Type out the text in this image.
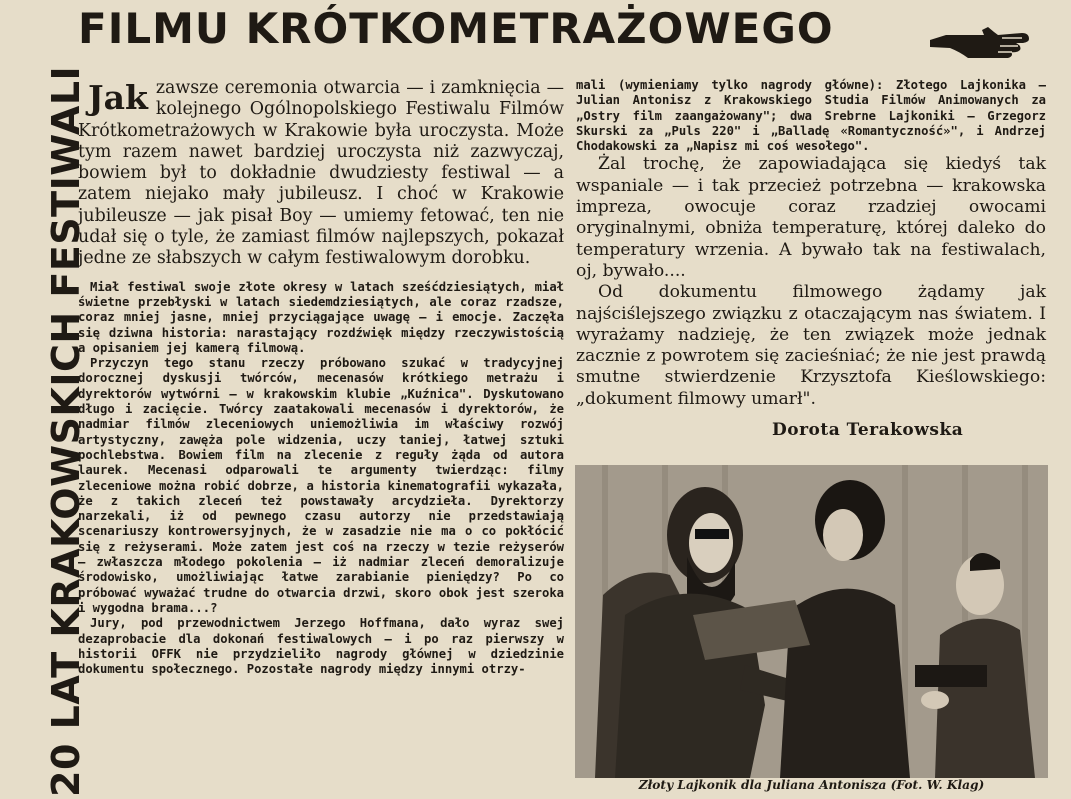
20 LAT KRAKOWSKICH FESTIWALI
FILMU KRÓTKOMETRAŻOWEGO

Jak zawsze ceremonia otwarcia — i zamknięcia — kolejnego Ogólnopolskiego Festiwalu Filmów Krótkometrażowych w Krakowie była uroczysta. Może tym razem nawet bardziej uroczysta niż zazwyczaj, bowiem był to dokładnie dwudziesty festiwal — a zatem niejako mały jubileusz. I choć w Krakowie jubileusze — jak pisał Boy — umiemy fetować, ten nie udał się o tyle, że zamiast filmów najlepszych, pokazał jedne ze słabszych w całym festiwalowym dorobku.

Miał festiwal swoje złote okresy w latach sześćdziesiątych, miał świetne przebłyski w latach siedemdziesiątych, ale coraz rzadsze, coraz mniej jasne, mniej przyciągające uwagę — i emocje. Zaczęła się dziwna historia: narastający rozdźwięk między rzeczywistością a opisaniem jej kamerą filmową.

Przyczyn tego stanu rzeczy próbowano szukać w tradycyjnej dorocznej dyskusji twórców, mecenasów krótkiego metrażu i dyrektorów wytwórni — w krakowskim klubie „Kuźnica". Dyskutowano długo i zacięcie. Twórcy zaatakowali mecenasów i dyrektorów, że nadmiar filmów zleceniowych uniemożliwia im właściwy rozwój artystyczny, zawęża pole widzenia, uczy taniej, łatwej sztuki pochlebstwa. Bowiem film na zlecenie z reguły żąda od autora laurek. Mecenasi odparowali te argumenty twierdząc: filmy zleceniowe można robić dobrze, a historia kinematografii wykazała, że z takich zleceń też powstawały arcydzieła. Dyrektorzy narzekali, iż od pewnego czasu autorzy nie przedstawiają scenariuszy kontrowersyjnych, że w zasadzie nie ma o co pokłócić się z reżyserami. Może zatem jest coś na rzeczy w tezie reżyserów — zwłaszcza młodego pokolenia — iż nadmiar zleceń demoralizuje środowisko, umożliwiając łatwe zarabianie pieniędzy? Po co próbować wyważać trudne do otwarcia drzwi, skoro obok jest szeroka i wygodna brama...?

Jury, pod przewodnictwem Jerzego Hoffmana, dało wyraz swej dezaprobacie dla dokonań festiwalowych — i po raz pierwszy w historii OFFK nie przydzieliło nagrody głównej w dziedzinie dokumentu społecznego. Pozostałe nagrody między innymi otrzy-

mali (wymieniamy tylko nagrody główne): Złotego Lajkonika — Julian Antonisz z Krakowskiego Studia Filmów Animowanych za „Ostry film zaangażowany"; dwa Srebrne Lajkoniki — Grzegorz Skurski za „Puls 220" i „Balladę «Romantyczność»", i Andrzej Chodakowski za „Napisz mi coś wesołego".

Żal trochę, że zapowiadająca się kiedyś tak wspaniale — i tak przecież potrzebna — krakowska impreza, owocuje coraz rzadziej owocami oryginalnymi, obniża temperaturę, której daleko do temperatury wrzenia. A bywało tak na festiwalach, oj, bywało....

Od dokumentu filmowego żądamy jak najściślejszego związku z otaczającym nas światem. I wyrażamy nadzieję, że ten związek może jednak zacznie z powrotem się zacieśniać; że nie jest prawdą smutne stwierdzenie Krzysztofa Kieślowskiego: „dokument filmowy umarł".

Dorota Terakowska
Złoty Lajkonik dla Juliana Antonisza (Fot. W. Klag)
